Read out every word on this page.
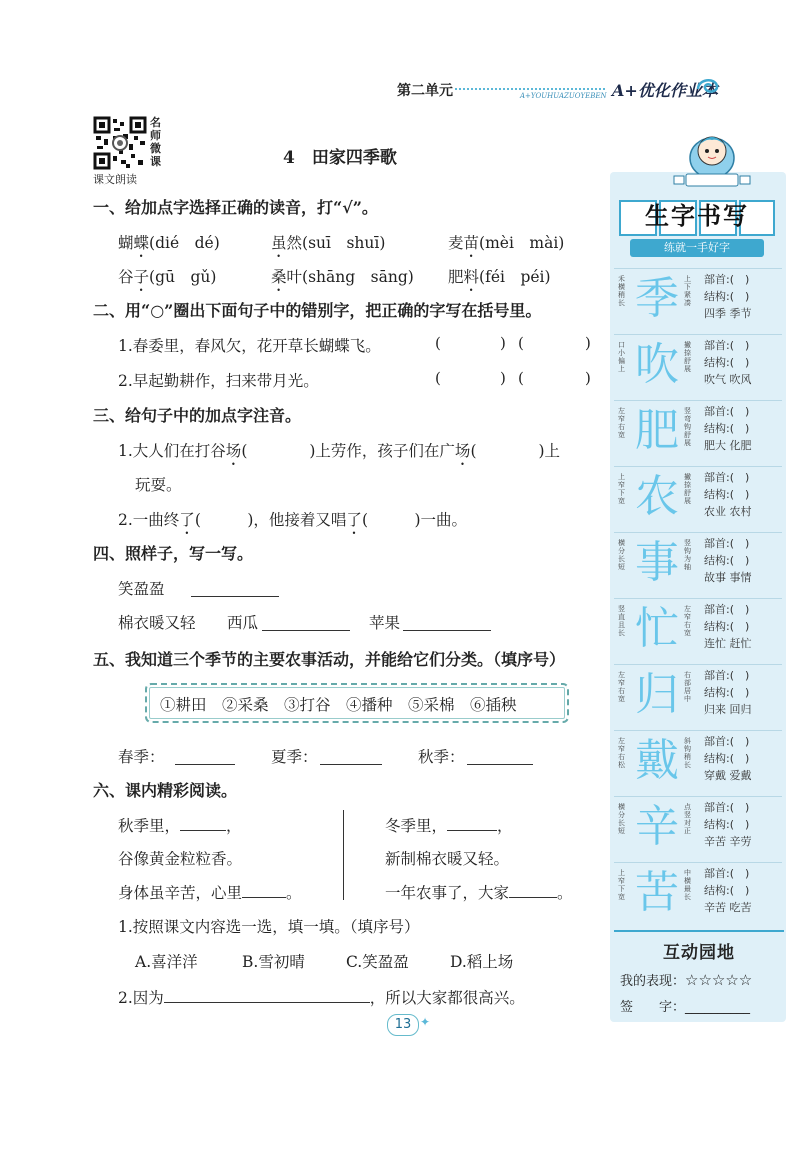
第二单元	A+YOUHUAZUOYEBEN A+优化作业本
名师微课
课文朗读
4　田家四季歌
一、给加点字选择正确的读音，打“√”。
蝴蝶(dié　dé)	虽然(suī　shuī)	麦苗(mèi　mài)
谷子(gū　gǔ)	桑叶(shāng　sāng) 肥料(féi　péi)
二、用“○”圈出下面句子中的错别字，把正确的字写在括号里。
1.春委里，春风欠，花开草长蝴蝶飞。	(	) (	)
2.早起勤耕作，扫来带月光。	(	) (	)
三、给句子中的加点字注音。
1.大人们在打谷场(　　　　)上劳作，孩子们在广场(　　　　)上
玩耍。
2.一曲终了(　　　)，他接着又唱了(　　　)一曲。
四、照样子，写一写。
笑盈盈
棉衣暖又轻 西瓜	苹果
五、我知道三个季节的主要农事活动，并能给它们分类。（填序号）
①耕田　②采桑　③打谷　④播种　⑤采棉　⑥插秧
春季：	夏季：	秋季：
六、课内精彩阅读。
秋季里，	，
谷像黄金粒粒香。
身体虽辛苦，心里	。
冬季里，	，
新制棉衣暖又轻。
一年农事了，大家	。
1.按照课文内容选一选，填一填。（填序号）
A.喜洋洋	B.雪初晴	C.笑盈盈	D.稻上场
2.因为	，所以大家都很高兴。
13 ✦
生字书写
练就一手好字
禾横稍长 季 上下紧凑
部首:(　)
结构:(　)
四季 季节
口小偏上 吹 撇捺舒展
部首:(　)
结构:(　)
吹气 吹风
左窄右宽 肥 竖弯钩舒展
部首:(　)
结构:(　)
肥大 化肥
上窄下宽 农 撇捺舒展
部首:(　)
结构:(　)
农业 农村
横分长短 事 竖钩为轴
部首:(　)
结构:(　)
故事 事情
竖直且长 忙 左窄右宽
部首:(　)
结构:(　)
连忙 赶忙
左窄右宽 归 右部居中
部首:(　)
结构:(　)
归来 回归
左窄右松 戴 斜钩稍长
部首:(　)
结构:(　)
穿戴 爱戴
横分长短 辛 点竖对正
部首:(　)
结构:(　)
辛苦 辛劳
上窄下宽 苦 中横最长
部首:(　)
结构:(　)
辛苦 吃苦
互动园地
我的表现：☆☆☆☆☆
签　　字：__________
